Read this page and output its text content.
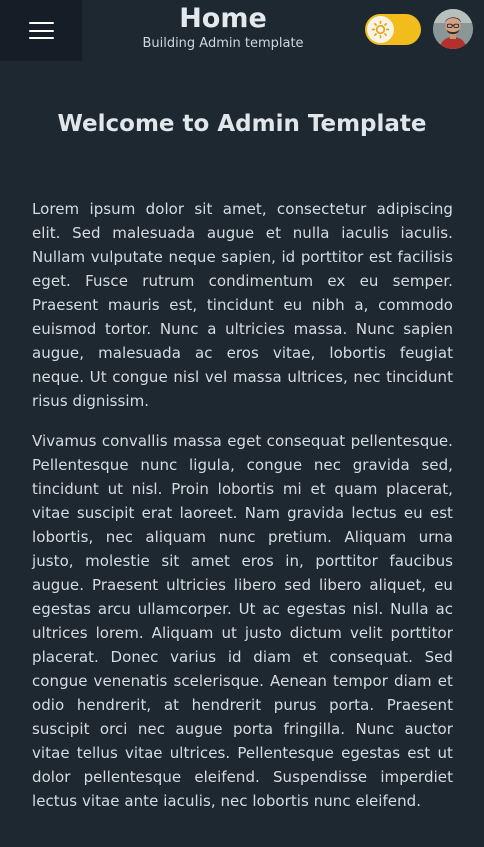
Home
Building Admin template
Welcome to Admin Template

Lorem ipsum dolor sit amet, consectetur adipiscing elit. Sed malesuada augue et nulla iaculis iaculis. Nullam vulputate neque sapien, id porttitor est facilisis eget. Fusce rutrum condimentum ex eu semper. Praesent mauris est, tincidunt eu nibh a, commodo euismod tortor. Nunc a ultricies massa. Nunc sapien augue, malesuada ac eros vitae, lobortis feugiat neque. Ut congue nisl vel massa ultrices, nec tincidunt risus dignissim.

Vivamus convallis massa eget consequat pellentesque. Pellentesque nunc ligula, congue nec gravida sed, tincidunt ut nisl. Proin lobortis mi et quam placerat, vitae suscipit erat laoreet. Nam gravida lectus eu est lobortis, nec aliquam nunc pretium. Aliquam urna justo, molestie sit amet eros in, porttitor faucibus augue. Praesent ultricies libero sed libero aliquet, eu egestas arcu ullamcorper. Ut ac egestas nisl. Nulla ac ultrices lorem. Aliquam ut justo dictum velit porttitor placerat. Donec varius id diam et consequat. Sed congue venenatis scelerisque. Aenean tempor diam et odio hendrerit, at hendrerit purus porta. Praesent suscipit orci nec augue porta fringilla. Nunc auctor vitae tellus vitae ultrices. Pellentesque egestas est ut dolor pellentesque eleifend. Suspendisse imperdiet lectus vitae ante iaculis, nec lobortis nunc eleifend.
